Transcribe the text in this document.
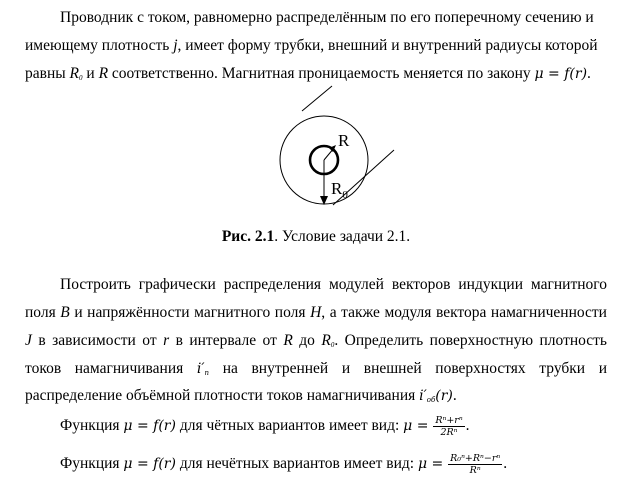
Проводник с током, равномерно распределённым по его поперечному сечению и
имеющему плотность j, имеет форму трубки, внешний и внутренний радиусы которой
равны $R_0$ и R соответственно. Магнитная проницаемость меняется по закону μ = f(r).
R
$R_0$
Рис. 2.1. Условие задачи 2.1.
Построить графически распределения модулей векторов индукции магнитного
поля B и напряжённости магнитного поля H, а также модуля вектора намагниченности
J в зависимости от r в интервале от R до $R_0$. Определить поверхностную плотность
токов намагничивания $i'_п$ на внутренней и внешней поверхностях трубки и
распределение объёмной плотности токов намагничивания $i'_{об}(r)$.
Функция μ = f(r) для чётных вариантов имеет вид: $\mu = \frac{\text{Rⁿ+rⁿ}}{\text{2Rⁿ}}$ .
Функция μ = f(r) для нечётных вариантов имеет вид: $\mu = \frac{\text{R₀ⁿ+Rⁿ−rⁿ}}{\text{Rⁿ}}$ .
